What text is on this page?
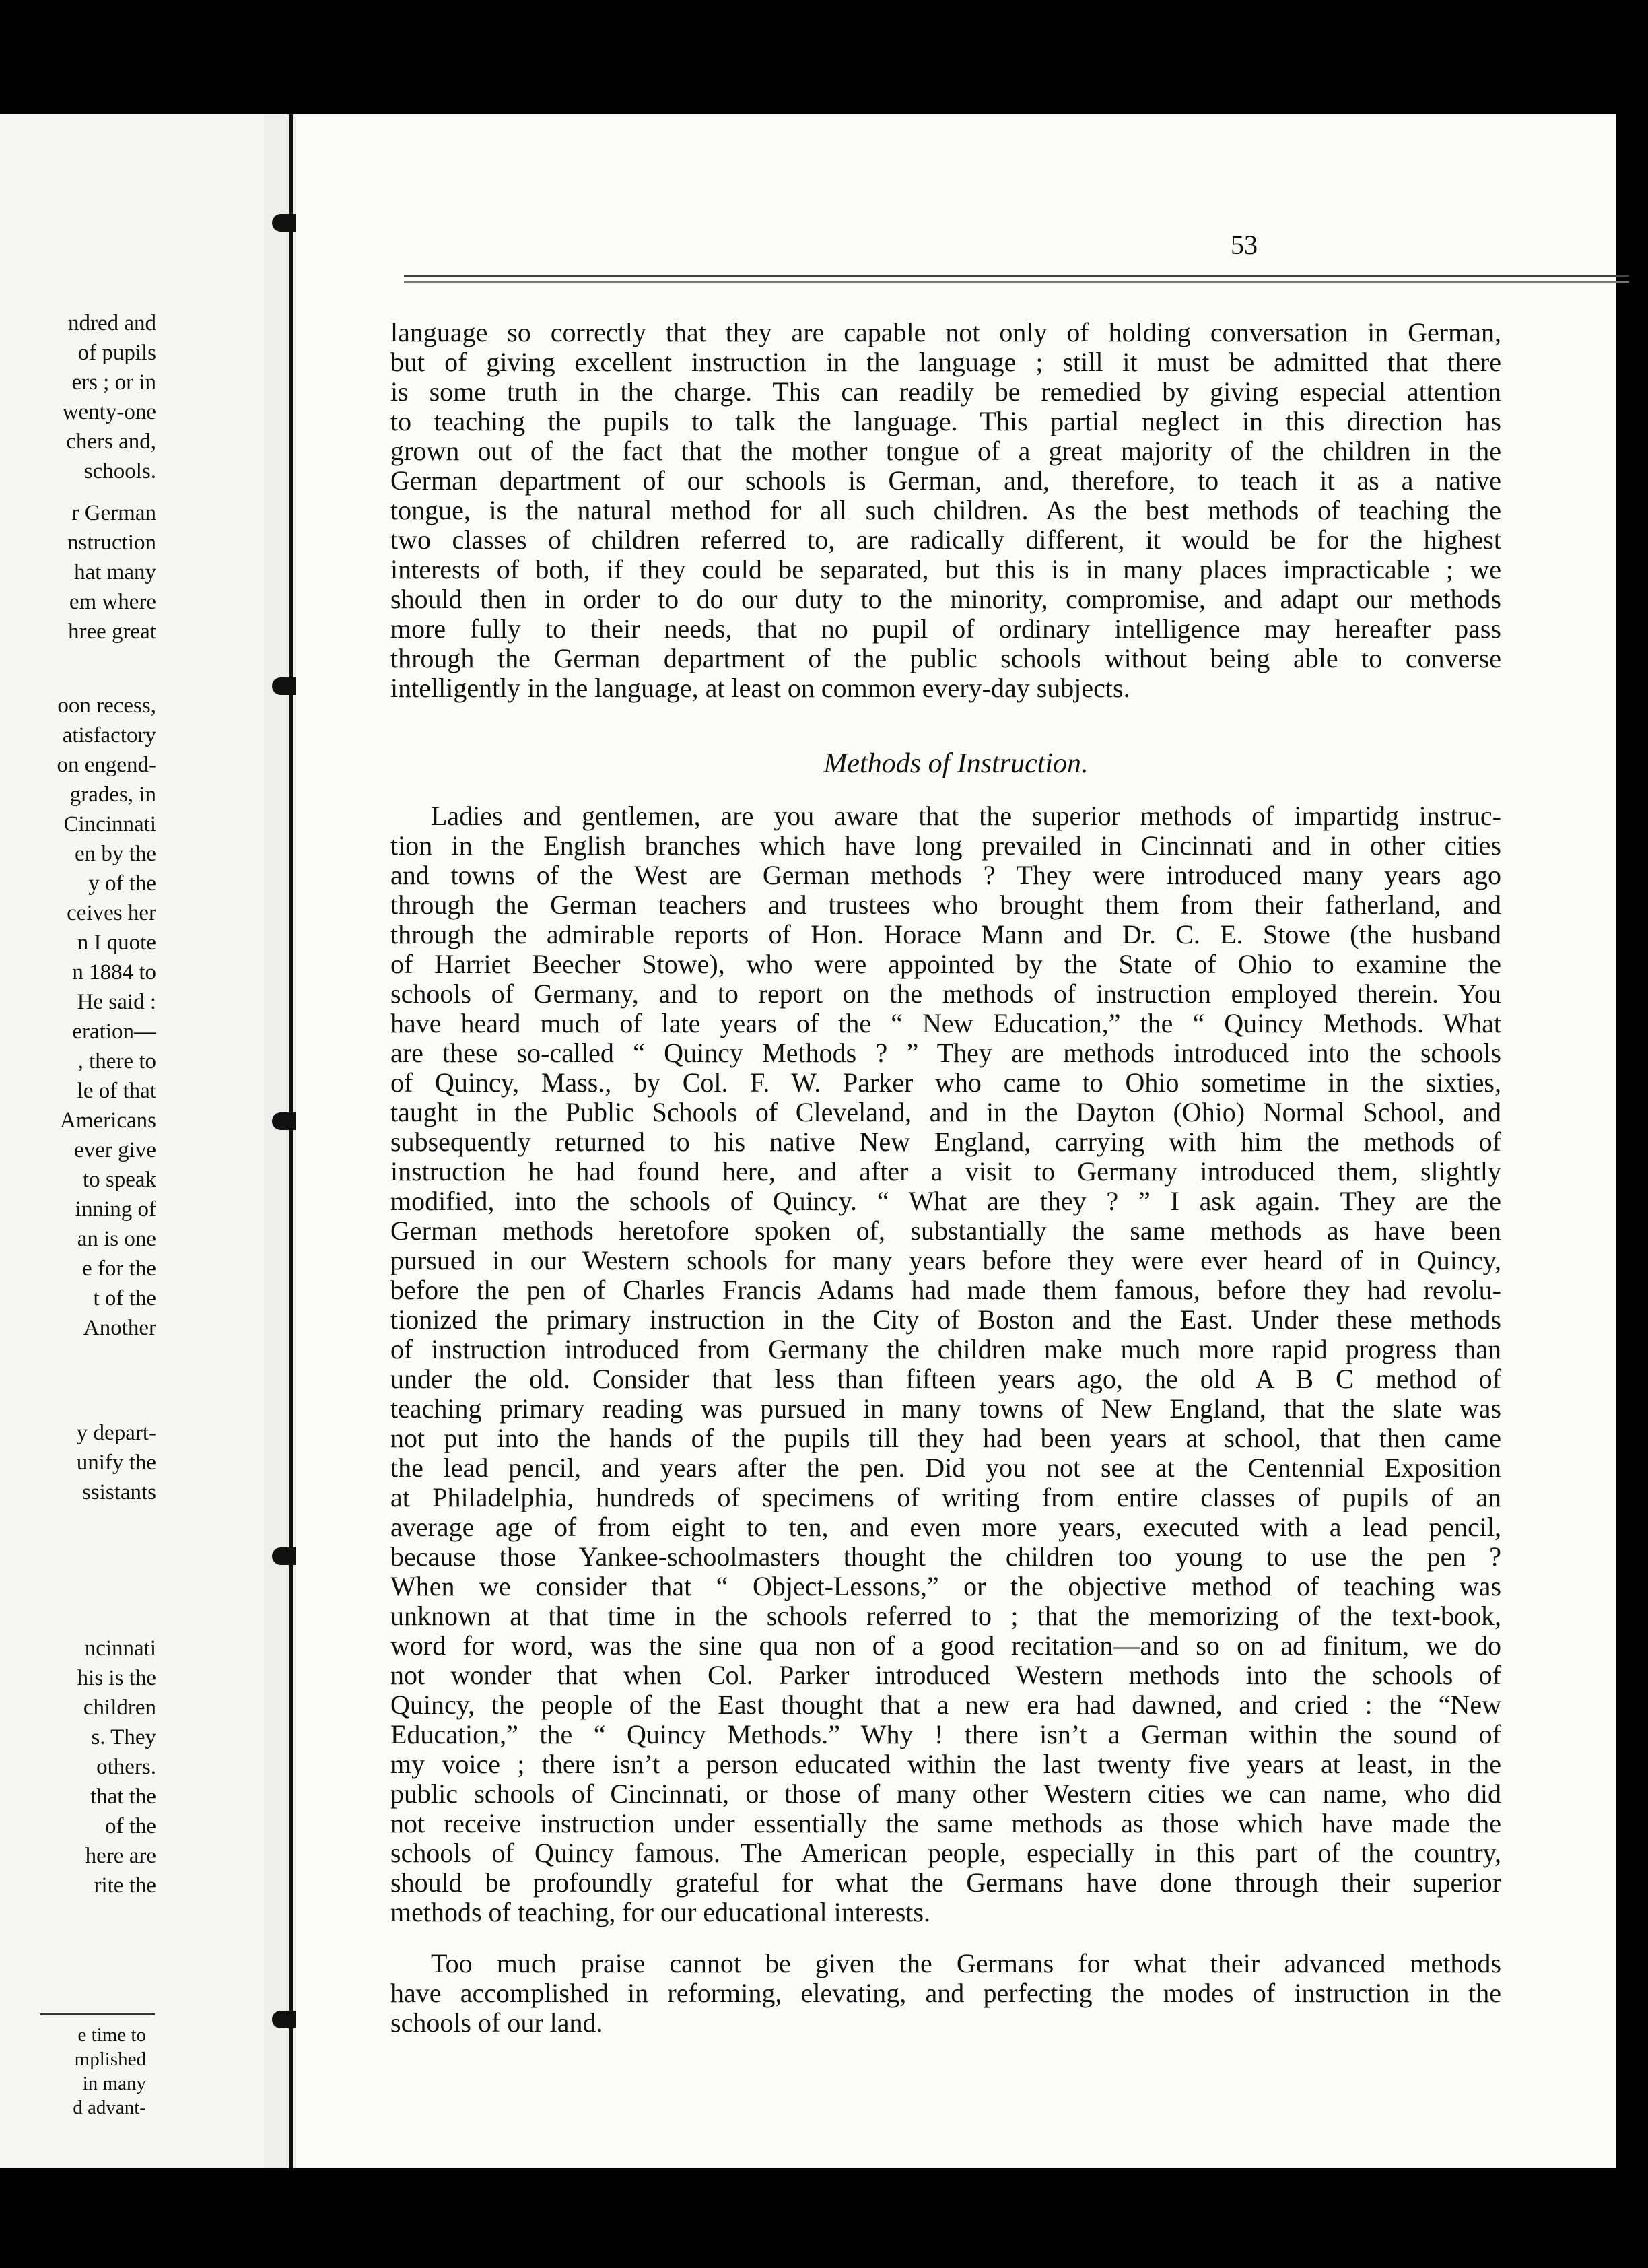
ndred and
of pupils
ers ; or in
wenty-one
chers and,
schools.
r German
nstruction
hat many
em where
hree great
oon recess,
atisfactory
on engend-
grades, in
Cincinnati
en by the
y of the
ceives her
n I quote
n 1884 to
He said :
eration—
, there to
le of that
Americans
ever give
to speak
inning of
an is one
e for the
t of the
Another
y depart-
unify the
ssistants
ncinnati
his is the
children
s. They
others.
that the
of the
here are
rite the
e time to
mplished
in many
d advant-
53
language so correctly that they are capable not only of holding conversation in German,
but of giving excellent instruction in the language ; still it must be admitted that there
is some truth in the charge. This can readily be remedied by giving especial attention
to teaching the pupils to talk the language. This partial neglect in this direction has
grown out of the fact that the mother tongue of a great majority of the children in the
German department of our schools is German, and, therefore, to teach it as a native
tongue, is the natural method for all such children. As the best methods of teaching the
two classes of children referred to, are radically different, it would be for the highest
interests of both, if they could be separated, but this is in many places impracticable ; we
should then in order to do our duty to the minority, compromise, and adapt our methods
more fully to their needs, that no pupil of ordinary intelligence may hereafter pass
through the German department of the public schools without being able to converse
intelligently in the language, at least on common every-day subjects.
Methods of Instruction.
Ladies and gentlemen, are you aware that the superior methods of impartidg instruc-
tion in the English branches which have long prevailed in Cincinnati and in other cities
and towns of the West are German methods ? They were introduced many years ago
through the German teachers and trustees who brought them from their fatherland, and
through the admirable reports of Hon. Horace Mann and Dr. C. E. Stowe (the husband
of Harriet Beecher Stowe), who were appointed by the State of Ohio to examine the
schools of Germany, and to report on the methods of instruction employed therein. You
have heard much of late years of the “ New Education,” the “ Quincy Methods. What
are these so-called “ Quincy Methods ? ” They are methods introduced into the schools
of Quincy, Mass., by Col. F. W. Parker who came to Ohio sometime in the sixties,
taught in the Public Schools of Cleveland, and in the Dayton (Ohio) Normal School, and
subsequently returned to his native New England, carrying with him the methods of
instruction he had found here, and after a visit to Germany introduced them, slightly
modified, into the schools of Quincy. “ What are they ? ” I ask again. They are the
German methods heretofore spoken of, substantially the same methods as have been
pursued in our Western schools for many years before they were ever heard of in Quincy,
before the pen of Charles Francis Adams had made them famous, before they had revolu-
tionized the primary instruction in the City of Boston and the East. Under these methods
of instruction introduced from Germany the children make much more rapid progress than
under the old. Consider that less than fifteen years ago, the old A B C method of
teaching primary reading was pursued in many towns of New England, that the slate was
not put into the hands of the pupils till they had been years at school, that then came
the lead pencil, and years after the pen. Did you not see at the Centennial Exposition
at Philadelphia, hundreds of specimens of writing from entire classes of pupils of an
average age of from eight to ten, and even more years, executed with a lead pencil,
because those Yankee-schoolmasters thought the children too young to use the pen ?
When we consider that “ Object-Lessons,” or the objective method of teaching was
unknown at that time in the schools referred to ; that the memorizing of the text-book,
word for word, was the sine qua non of a good recitation—and so on ad finitum, we do
not wonder that when Col. Parker introduced Western methods into the schools of
Quincy, the people of the East thought that a new era had dawned, and cried : the “New
Education,” the “ Quincy Methods.” Why ! there isn’t a German within the sound of
my voice ; there isn’t a person educated within the last twenty five years at least, in the
public schools of Cincinnati, or those of many other Western cities we can name, who did
not receive instruction under essentially the same methods as those which have made the
schools of Quincy famous. The American people, especially in this part of the country,
should be profoundly grateful for what the Germans have done through their superior
methods of teaching, for our educational interests.
Too much praise cannot be given the Germans for what their advanced methods
have accomplished in reforming, elevating, and perfecting the modes of instruction in the
schools of our land.
